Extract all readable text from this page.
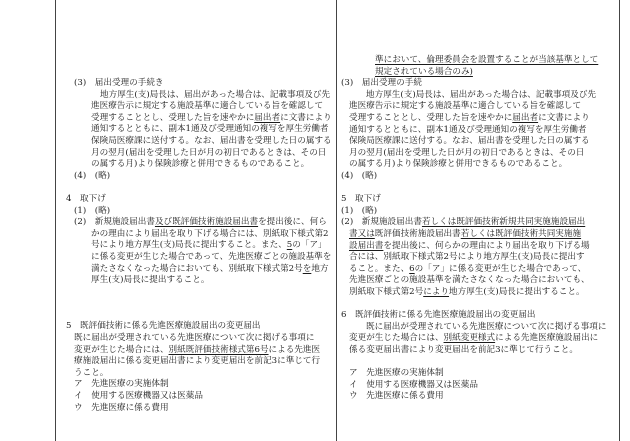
(3)　届出受理の手続き
地方厚生(支)局長は、届出があった場合は、記載事項及び先
進医療告示に規定する施設基準に適合している旨を確認して
受理することとし、受理した旨を速やかに届出者に文書により
通知するとともに、副本1通及び受理通知の複写を厚生労働者
保険局医療課に送付する。なお、届出書を受理した日の属する
月の翌月(届出を受理した日が月の初日であるときは、その日
の属する月)より保険診療と併用できるものであること。
(4)　(略)
4　取下げ
(1)　(略)
(2)　新規施設届出書及び既評価技術施設届出書を提出後に、何ら
かの理由により届出を取り下げる場合には、別紙取下様式第2
号により地方厚生(支)局長に提出すること。また、5の「ア」
に係る変更が生じた場合であって、先進医療ごとの施設基準を
満たさなくなった場合においても、別紙取下様式第2号を地方
厚生(支)局長に提出すること。
5　既評価技術に係る先進医療施設届出の変更届出
既に届出が受理されている先進医療について次に掲げる事項に
変更が生じた場合には、別紙既評価技術様式第6号による先進医
療施設届出に係る変更届出書により変更届出を前記3に準じて行
うこと。
ア　先進医療の実施体制
イ　使用する医療機器又は医薬品
ウ　先進医療に係る費用
準において、倫理委員会を設置することが当該基準として
規定されている場合のみ)
(3)　届出受理の手続
地方厚生(支)局長は、届出があった場合は、記載事項及び先
進医療告示に規定する施設基準に適合している旨を確認して
受理することとし、受理した旨を速やかに届出者に文書により
通知するとともに、副本1通及び受理通知の複写を厚生労働者
保険局医療課に送付する。なお、届出書を受理した日の属する
月の翌月(届出を受理した日が月の初日であるときは、その日
の属する月)より保険診療と併用できるものであること。
(4)　(略)
5　取下げ
(1)　(略)
(2)　新規施設届出書若しくは既評価技術新規共同実施施設届出
書又は既評価技術施設届出書若しくは既評価技術共同実施施
設届出書を提出後に、何らかの理由により届出を取り下げる場
合には、別紙取下様式第2号により地方厚生(支)局長に提出す
ること。また、6の「ア」に係る変更が生じた場合であって、
先進医療ごとの施設基準を満たさなくなった場合においても、
別紙取下様式第2号により地方厚生(支)局長に提出すること。
6　既評価技術に係る先進医療施設届出の変更届出
既に届出が受理されている先進医療について次に掲げる事項に
変更が生じた場合には、別紙変更様式による先進医療施設届出に
係る変更届出書により変更届出を前記3に準じて行うこと。
ア　先進医療の実施体制
イ　使用する医療機器又は医薬品
ウ　先進医療に係る費用
